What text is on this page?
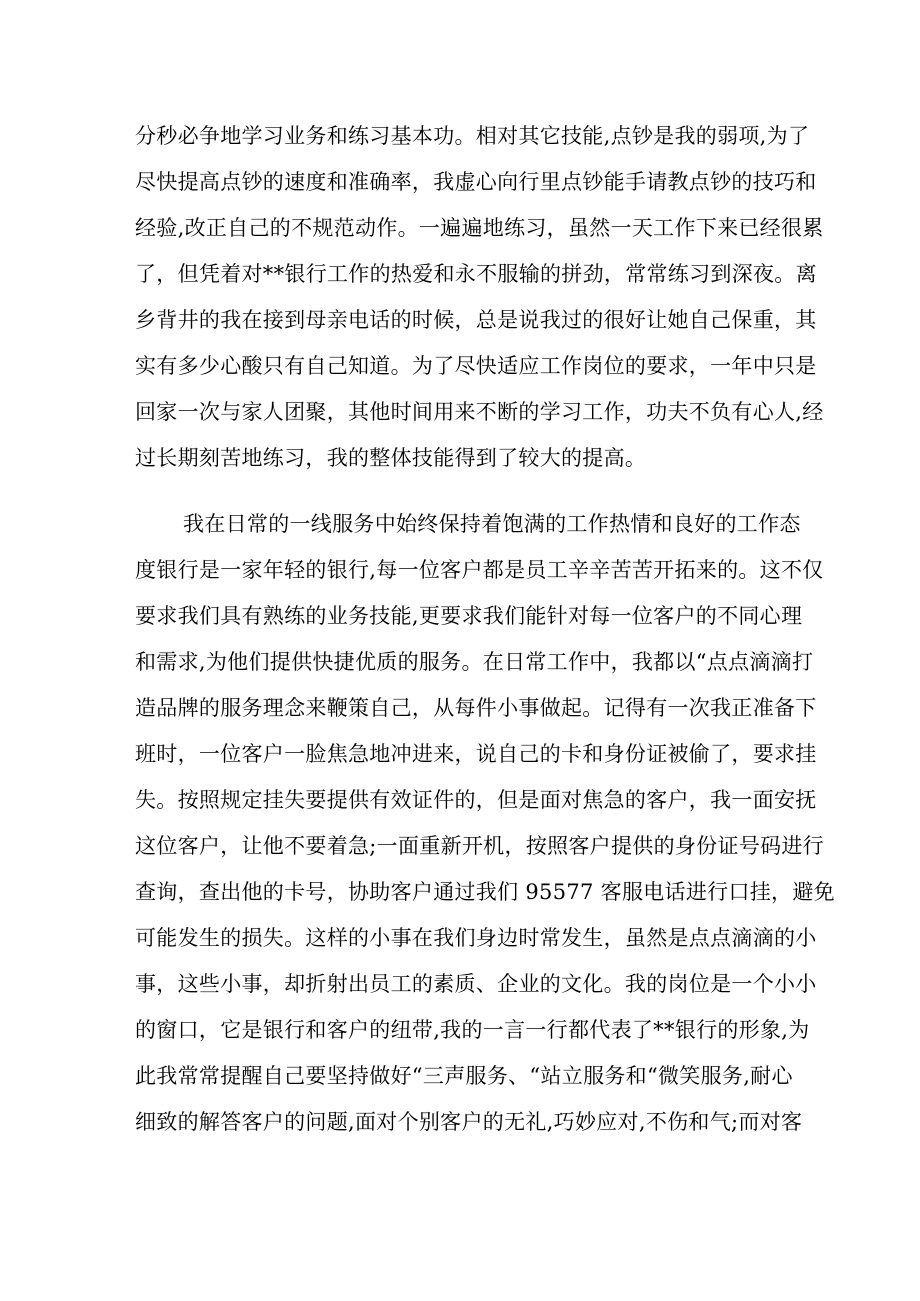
分秒必争地学习业务和练习基本功。相对其它技能,点钞是我的弱项,为了
尽快提高点钞的速度和准确率，我虚心向行里点钞能手请教点钞的技巧和
经验,改正自己的不规范动作。一遍遍地练习，虽然一天工作下来已经很累
了，但凭着对**银行工作的热爱和永不服输的拼劲，常常练习到深夜。离
乡背井的我在接到母亲电话的时候，总是说我过的很好让她自己保重，其
实有多少心酸只有自己知道。为了尽快适应工作岗位的要求，一年中只是
回家一次与家人团聚，其他时间用来不断的学习工作，功夫不负有心人,经
过长期刻苦地练习，我的整体技能得到了较大的提高。
我在日常的一线服务中始终保持着饱满的工作热情和良好的工作态
度银行是一家年轻的银行,每一位客户都是员工辛辛苦苦开拓来的。这不仅
要求我们具有熟练的业务技能,更要求我们能针对每一位客户的不同心理
和需求,为他们提供快捷优质的服务。在日常工作中，我都以“点点滴滴打
造品牌的服务理念来鞭策自己，从每件小事做起。记得有一次我正准备下
班时，一位客户一脸焦急地冲进来，说自己的卡和身份证被偷了，要求挂
失。按照规定挂失要提供有效证件的，但是面对焦急的客户，我一面安抚
这位客户，让他不要着急;一面重新开机，按照客户提供的身份证号码进行
查询，查出他的卡号，协助客户通过我们 95577 客服电话进行口挂，避免
可能发生的损失。这样的小事在我们身边时常发生，虽然是点点滴滴的小
事，这些小事，却折射出员工的素质、企业的文化。我的岗位是一个小小
的窗口，它是银行和客户的纽带,我的一言一行都代表了**银行的形象,为
此我常常提醒自己要坚持做好“三声服务、“站立服务和“微笑服务,耐心
细致的解答客户的问题,面对个别客户的无礼,巧妙应对,不伤和气;而对客
